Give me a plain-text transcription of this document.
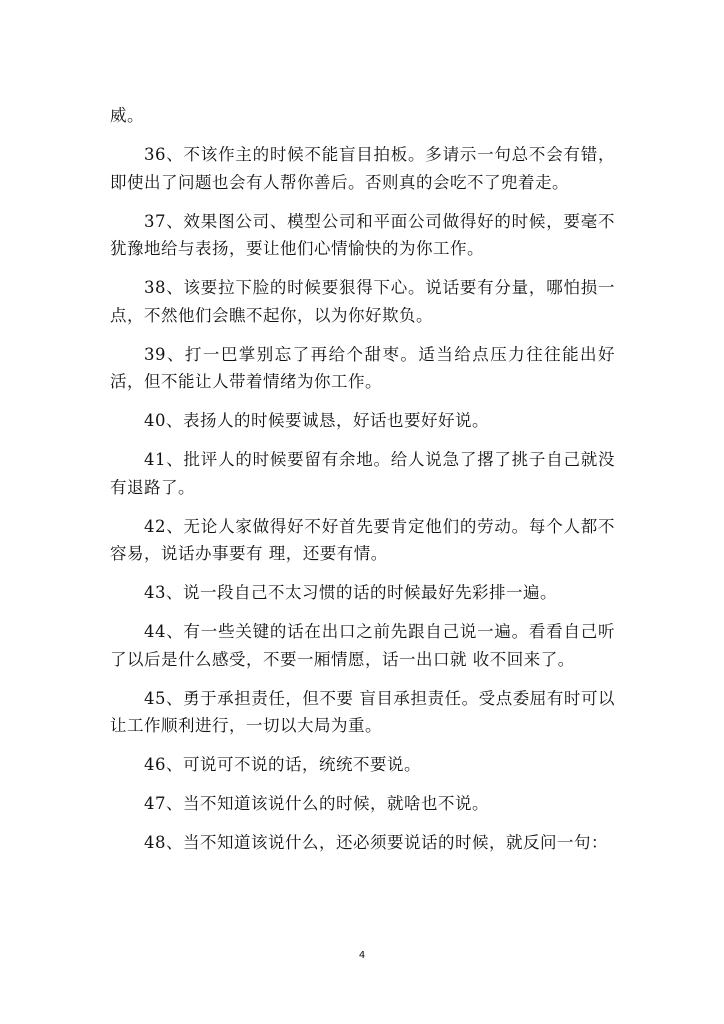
威。

36、不该作主的时候不能盲目拍板。多请示一句总不会有错，即使出了问题也会有人帮你善后。否则真的会吃不了兜着走。

37、效果图公司、模型公司和平面公司做得好的时候，要毫不犹豫地给与表扬，要让他们心情愉快的为你工作。

38、该要拉下脸的时候要狠得下心。说话要有分量，哪怕损一点，不然他们会瞧不起你，以为你好欺负。

39、打一巴掌别忘了再给个甜枣。适当给点压力往往能出好活，但不能让人带着情绪为你工作。

40、表扬人的时候要诚恳，好话也要好好说。

41、批评人的时候要留有余地。给人说急了撂了挑子自己就没有退路了。

42、无论人家做得好不好首先要肯定他们的劳动。每个人都不容易，说话办事要有 理，还要有情。

43、说一段自己不太习惯的话的时候最好先彩排一遍。

44、有一些关键的话在出口之前先跟自己说一遍。看看自己听了以后是什么感受，不要一厢情愿，话一出口就 收不回来了。

45、勇于承担责任，但不要 盲目承担责任。受点委屈有时可以让工作顺利进行，一切以大局为重。

46、可说可不说的话，统统不要说。

47、当不知道该说什么的时候，就啥也不说。

48、当不知道该说什么，还必须要说话的时候，就反问一句：

4
